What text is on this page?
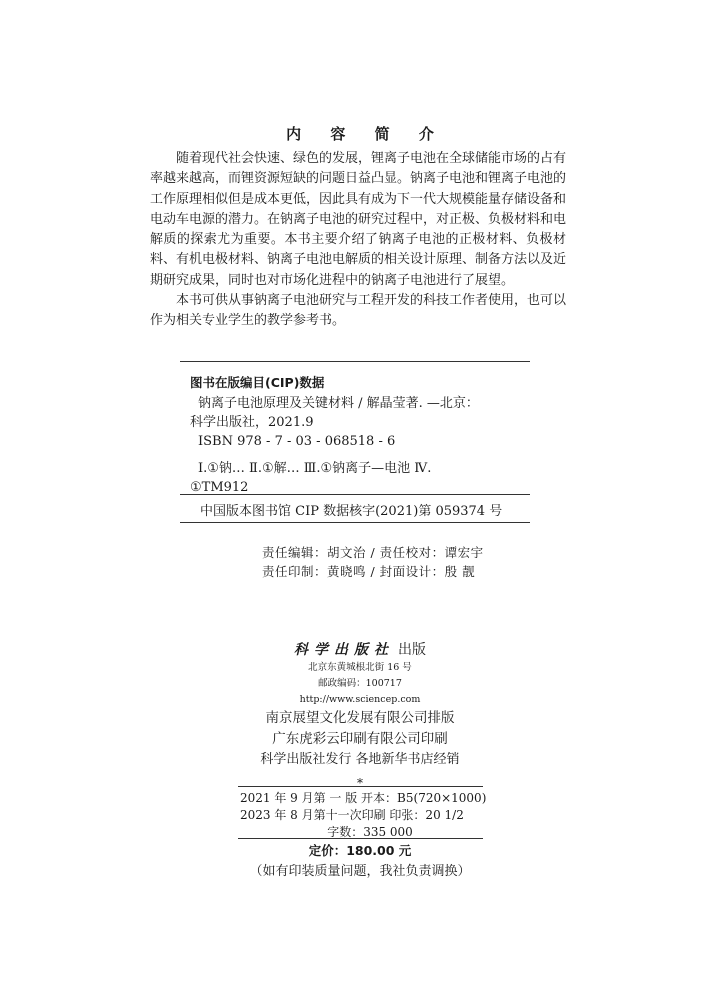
内 容 简 介

随着现代社会快速、绿色的发展，锂离子电池在全球储能市场的占有率越来越高，而锂资源短缺的问题日益凸显。钠离子电池和锂离子电池的工作原理相似但是成本更低，因此具有成为下一代大规模能量存储设备和电动车电源的潜力。在钠离子电池的研究过程中，对正极、负极材料和电解质的探索尤为重要。本书主要介绍了钠离子电池的正极材料、负极材料、有机电极材料、钠离子电池电解质的相关设计原理、制备方法以及近期研究成果，同时也对市场化进程中的钠离子电池进行了展望。

本书可供从事钠离子电池研究与工程开发的科技工作者使用，也可以作为相关专业学生的教学参考书。

图书在版编目(CIP)数据
钠离子电池原理及关键材料 / 解晶莹著. —北京：
科学出版社，2021.9
ISBN 978 - 7 - 03 - 068518 - 6
Ⅰ.①钠… Ⅱ.①解… Ⅲ.①钠离子—电池 Ⅳ.
①TM912
中国版本图书馆 CIP 数据核字(2021)第 059374 号
责任编辑：胡文治 / 责任校对：谭宏宇
责任印制：黄晓鸣 / 封面设计：殷 靓
科学出版社 出版
北京东黄城根北街 16 号
邮政编码：100717
http://www.sciencep.com
南京展望文化发展有限公司排版
广东虎彩云印刷有限公司印刷
科学出版社发行 各地新华书店经销
*
2021 年 9 月第 一 版 开本：B5(720×1000)
2023 年 8 月第十一次印刷 印张：20 1/2
字数：335 000
定价：180.00 元
（如有印装质量问题，我社负责调换）
